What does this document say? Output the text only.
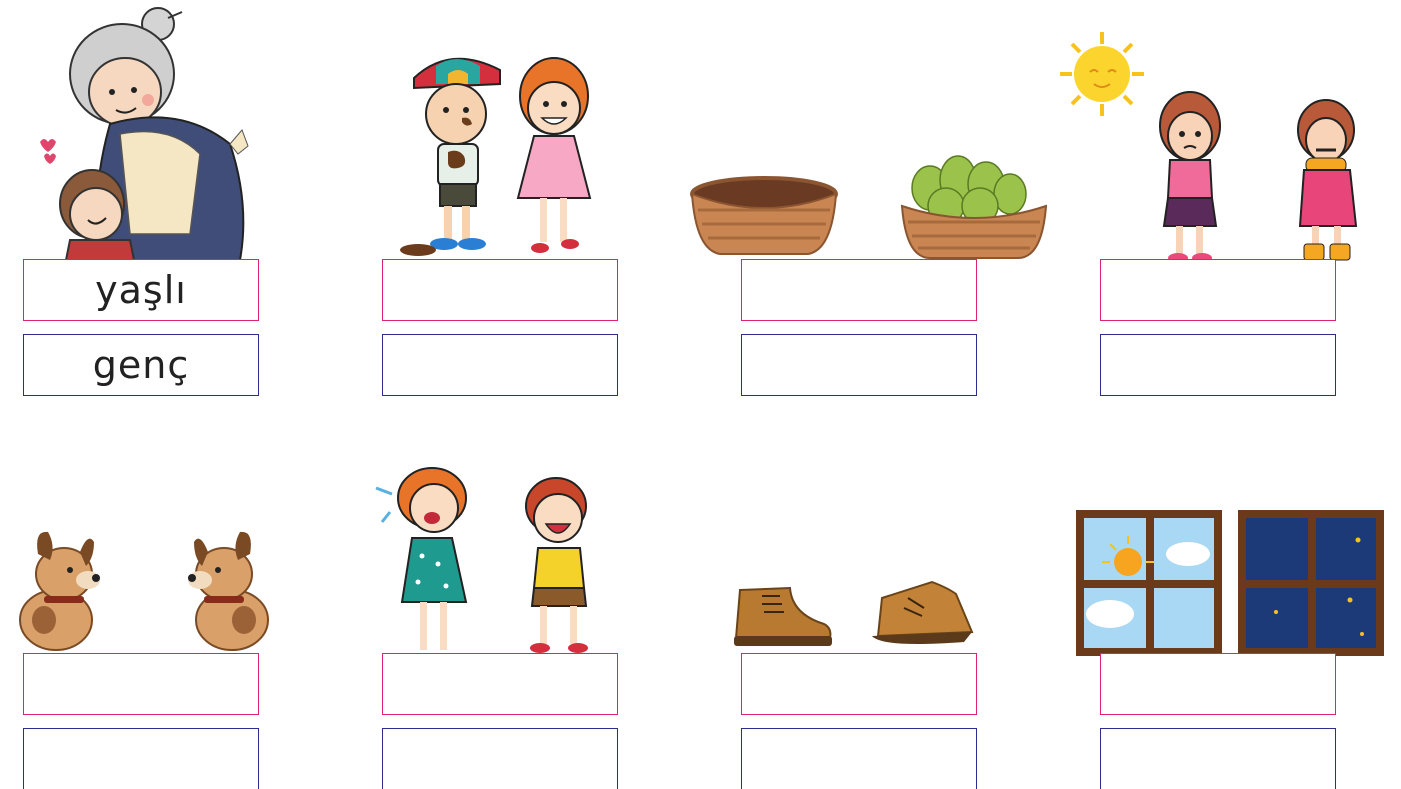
yaşlı
genç
